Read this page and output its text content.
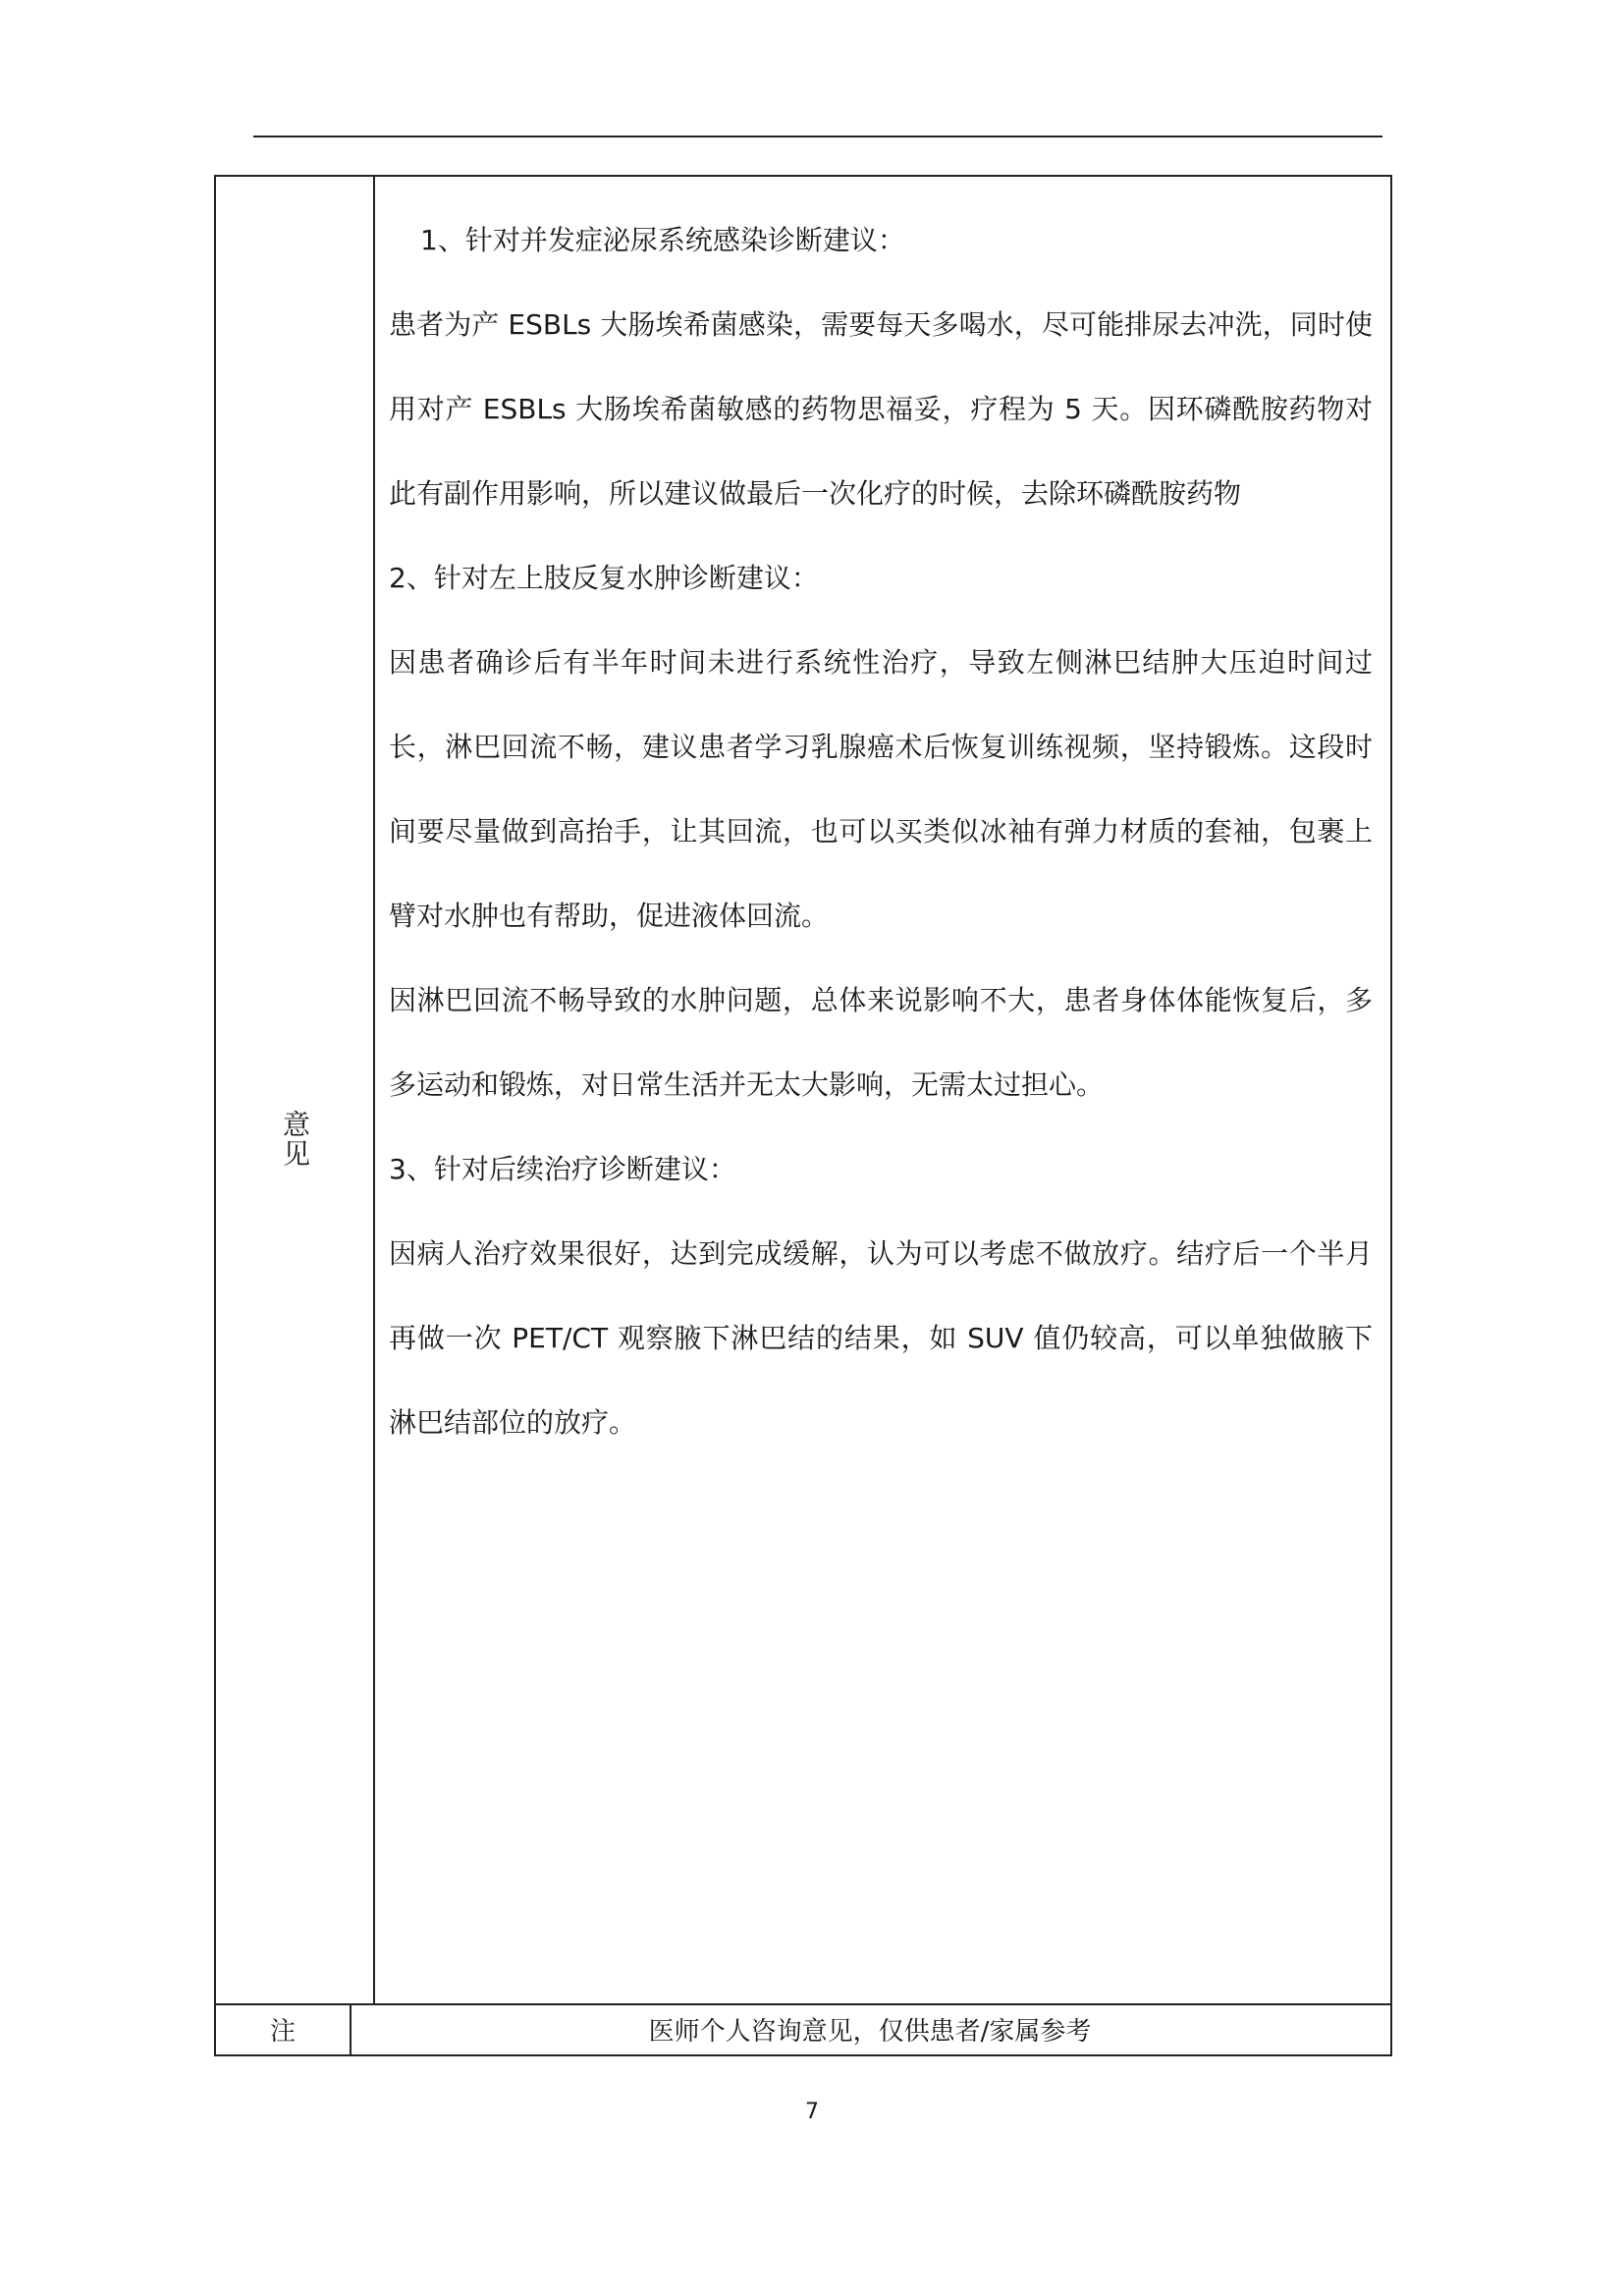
意见

1、针对并发症泌尿系统感染诊断建议：

患者为产 ESBLs 大肠埃希菌感染，需要每天多喝水，尽可能排尿去冲洗，同时使用对产 ESBLs 大肠埃希菌敏感的药物思福妥，疗程为 5 天。因环磷酰胺药物对此有副作用影响，所以建议做最后一次化疗的时候，去除环磷酰胺药物

2、针对左上肢反复水肿诊断建议：

因患者确诊后有半年时间未进行系统性治疗，导致左侧淋巴结肿大压迫时间过长，淋巴回流不畅，建议患者学习乳腺癌术后恢复训练视频，坚持锻炼。这段时间要尽量做到高抬手，让其回流，也可以买类似冰袖有弹力材质的套袖，包裹上臂对水肿也有帮助，促进液体回流。

因淋巴回流不畅导致的水肿问题，总体来说影响不大，患者身体体能恢复后，多多运动和锻炼，对日常生活并无太大影响，无需太过担心。

3、针对后续治疗诊断建议：

因病人治疗效果很好，达到完成缓解，认为可以考虑不做放疗。结疗后一个半月再做一次 PET/CT 观察腋下淋巴结的结果，如 SUV 值仍较高，可以单独做腋下淋巴结部位的放疗。

注	医师个人咨询意见，仅供患者/家属参考
7
